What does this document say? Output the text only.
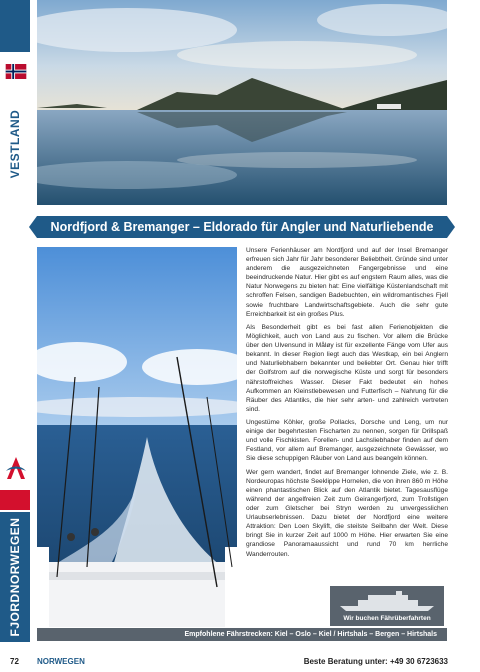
VESTLAND
FJORDNORWEGEN
Nordfjord & Bremanger – Eldorado für Angler und Naturliebende

Unsere Ferienhäuser am Nordfjord und auf der Insel Bremanger erfreuen sich Jahr für Jahr besonderer Beliebtheit. Gründe sind unter anderem die ausgezeichneten Fangergebnisse und eine beeindruckende Natur. Hier gibt es auf engstem Raum alles, was die Natur Norwegens zu bieten hat: Eine vielfältige Küstenlandschaft mit schroffen Felsen, sandigen Badebuchten, ein wildromantisches Fjell sowie fruchtbare Landwirtschaftsgebiete. Auch die sehr gute Erreichbarkeit ist ein großes Plus.

Als Besonderheit gibt es bei fast allen Ferienobjekten die Möglichkeit, auch von Land aus zu fischen. Vor allem die Brücke über den Ulvensund in Måløy ist für exzellente Fänge vom Ufer aus bekannt. In dieser Region liegt auch das Westkap, ein bei Anglern und Naturliebhabern bekannter und beliebter Ort. Genau hier trifft der Golfstrom auf die norwegische Küste und sorgt für besonders nährstoffreiches Wasser. Dieser Fakt bedeutet ein hohes Aufkommen an Kleinstlebewesen und Futterfisch – Nahrung für die Räuber des Atlantiks, die hier sehr arten- und zahlreich vertreten sind.

Ungestüme Köhler, große Pollacks, Dorsche und Leng, um nur einige der begehrtesten Fischarten zu nennen, sorgen für Drillspaß und volle Fischkisten. Forellen- und Lachsliebhaber finden auf dem Festland, vor allem auf Bremanger, ausgezeichnete Gewässer, wo Sie diese schuppigen Räuber von Land aus beangeln können.

Wer gern wandert, findet auf Bremanger lohnende Ziele, wie z. B. Nordeuropas höchste Seeklippe Hornelen, die von ihren 860 m Höhe einen phantastischen Blick auf den Atlantik bietet. Tagesausflüge während der angelfreien Zeit zum Geirangerfjord, zum Trollstigen oder zum Gletscher bei Stryn werden zu unvergesslichen Urlaubserlebnissen. Dazu bietet der Nordfjord eine weitere Attraktion: Den Loen Skylift, die steilste Seilbahn der Welt. Diese bringt Sie in kurzer Zeit auf 1000 m Höhe. Hier erwarten Sie eine grandiose Panoramaaussicht und rund 70 km herrliche Wanderrouten.

Wir buchen Fährüberfahrten
Empfohlene Fährstrecken: Kiel – Oslo – Kiel / Hirtshals – Bergen – Hirtshals
72 NORWEGEN	Beste Beratung unter: +49 30 6723633
